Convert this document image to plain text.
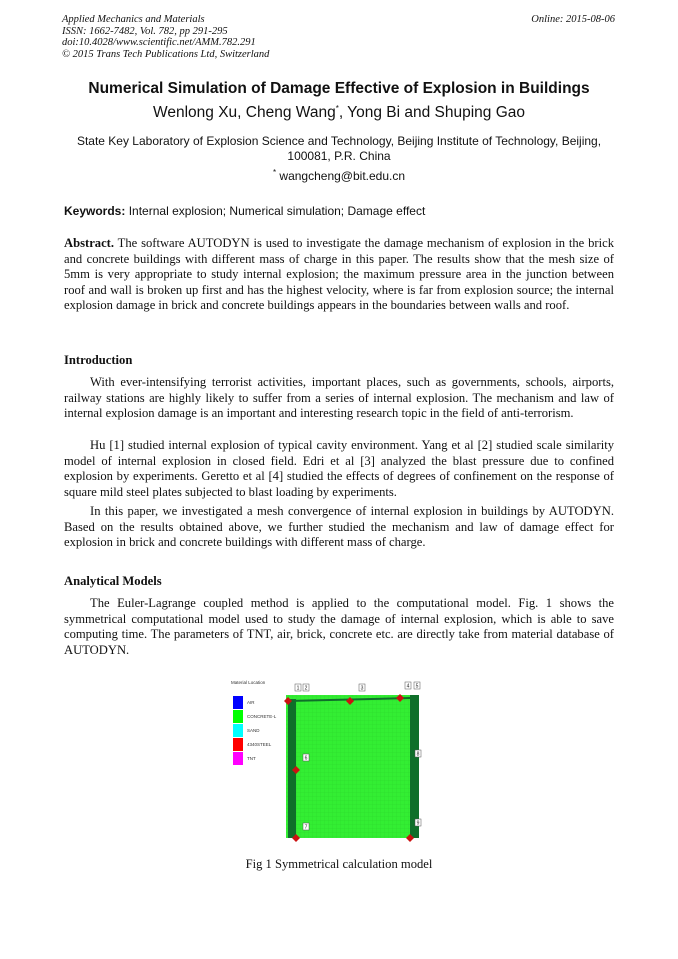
Applied Mechanics and Materials
ISSN: 1662-7482, Vol. 782, pp 291-295
doi:10.4028/www.scientific.net/AMM.782.291
© 2015 Trans Tech Publications Ltd, Switzerland
Online: 2015-08-06
Numerical Simulation of Damage Effective of Explosion in Buildings
Wenlong Xu, Cheng Wang*, Yong Bi and Shuping Gao
State Key Laboratory of Explosion Science and Technology, Beijing Institute of Technology, Beijing, 100081, P.R. China
* wangcheng@bit.edu.cn
Keywords: Internal explosion; Numerical simulation; Damage effect
Abstract. The software AUTODYN is used to investigate the damage mechanism of explosion in the brick and concrete buildings with different mass of charge in this paper. The results show that the mesh size of 5mm is very appropriate to study internal explosion; the maximum pressure area in the junction between roof and wall is broken up first and has the highest velocity, where is far from explosion source; the internal explosion damage in brick and concrete buildings appears in the boundaries between walls and roof.
Introduction
With ever-intensifying terrorist activities, important places, such as governments, schools, airports, railway stations are highly likely to suffer from a series of internal explosion. The mechanism and law of internal explosion damage is an important and interesting research topic in the field of anti-terrorism.
Hu [1] studied internal explosion of typical cavity environment. Yang et al [2] studied scale similarity model of internal explosion in closed field. Edri et al [3] analyzed the blast pressure due to confined explosion by experiments. Geretto et al [4] studied the effects of degrees of confinement on the response of square mild steel plates subjected to blast loading by experiments.
In this paper, we investigated a mesh convergence of internal explosion in buildings by AUTODYN. Based on the results obtained above, we further studied the mechanism and law of damage effect for explosion in brick and concrete buildings with different mass of charge.
Analytical Models
The Euler-Lagrange coupled method is applied to the computational model. Fig. 1 shows the symmetrical computational model used to study the damage of internal explosion, which is able to save computing time. The parameters of TNT, air, brick, concrete etc. are directly take from material database of AUTODYN.
1 2	3	4 5
6
7
8
9
Material Location
AIR
CONCRETE-L
SAND
4340STEEL
TNT
Fig 1 Symmetrical calculation model
